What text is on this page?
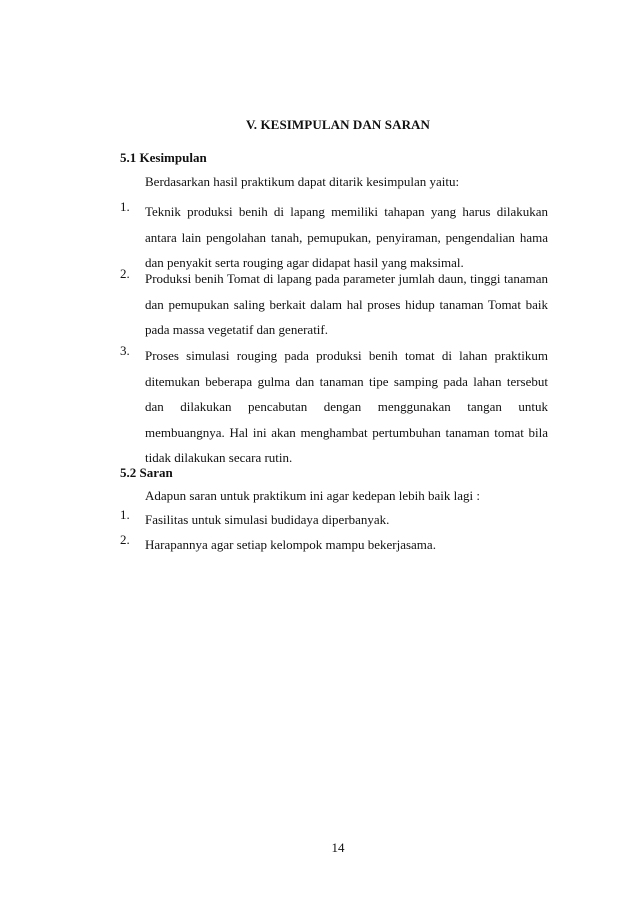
V. KESIMPULAN DAN SARAN
5.1 Kesimpulan

Berdasarkan hasil praktikum dapat ditarik kesimpulan yaitu:

1. Teknik produksi benih di lapang memiliki tahapan yang harus dilakukan antara lain pengolahan tanah, pemupukan, penyiraman, pengendalian hama dan penyakit serta rouging agar didapat hasil yang maksimal.
2. Produksi benih Tomat di lapang pada parameter jumlah daun, tinggi tanaman dan pemupukan saling berkait dalam hal proses hidup tanaman Tomat baik pada massa vegetatif dan generatif.
3. Proses simulasi rouging pada produksi benih tomat di lahan praktikum ditemukan beberapa gulma dan tanaman tipe samping pada lahan tersebut dan dilakukan pencabutan dengan menggunakan tangan untuk membuangnya. Hal ini akan menghambat pertumbuhan tanaman tomat bila tidak dilakukan secara rutin.
5.2 Saran

Adapun saran untuk praktikum ini agar kedepan lebih baik lagi :

1. Fasilitas untuk simulasi budidaya diperbanyak.
2. Harapannya agar setiap kelompok mampu bekerjasama.
14
